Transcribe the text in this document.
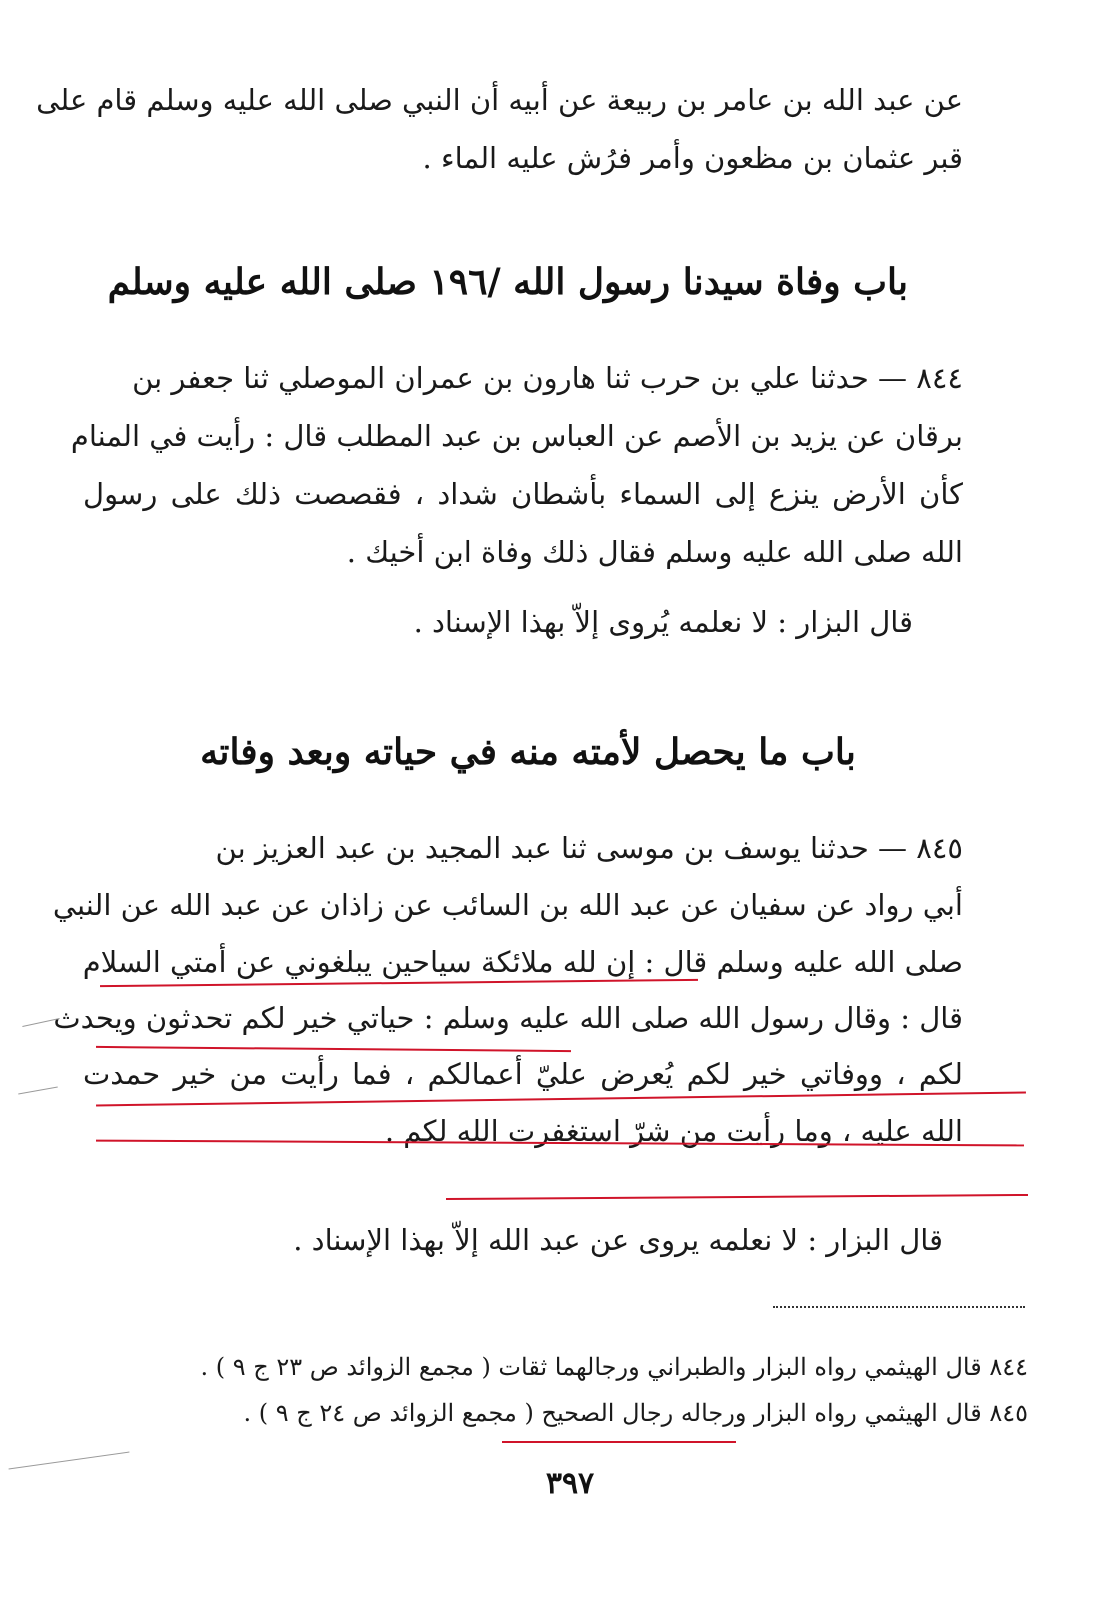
عن عبد الله بن عامر بن ربيعة عن أبيه أن النبي صلى الله عليه وسلم قام على
قبر عثمان بن مظعون وأمر فرُش عليه الماء .
باب وفاة سيدنا رسول الله /١٩٦ صلى الله عليه وسلم
٨٤٤ — حدثنا علي بن حرب ثنا هارون بن عمران الموصلي ثنا جعفر بن
برقان عن يزيد بن الأصم عن العباس بن عبد المطلب قال : رأيت في المنام
كأن الأرض ينزع إلى السماء بأشطان شداد ، فقصصت ذلك على رسول
الله صلى الله عليه وسلم فقال ذلك وفاة ابن أخيك .
قال البزار : لا نعلمه يُروى إلاّ بهذا الإسناد .
باب ما يحصل لأمته منه في حياته وبعد وفاته
٨٤٥ — حدثنا يوسف بن موسى ثنا عبد المجيد بن عبد العزيز بن
أبي رواد عن سفيان عن عبد الله بن السائب عن زاذان عن عبد الله عن النبي
صلى الله عليه وسلم قال : إن لله ملائكة سياحين يبلغوني عن أمتي السلام
قال : وقال رسول الله صلى الله عليه وسلم : حياتي خير لكم تحدثون ويحدث
لكم ، ووفاتي خير لكم يُعرض عليّ أعمالكم ، فما رأيت من خير حمدت
الله عليه ، وما رأيت من شرّ استغفرت الله لكم .
قال البزار : لا نعلمه يروى عن عبد الله إلاّ بهذا الإسناد .
٨٤٤ قال الهيثمي رواه البزار والطبراني ورجالهما ثقات ( مجمع الزوائد ص ٢٣ ج ٩ ) .
٨٤٥ قال الهيثمي رواه البزار ورجاله رجال الصحيح ( مجمع الزوائد ص ٢٤ ج ٩ ) .
٣٩٧
